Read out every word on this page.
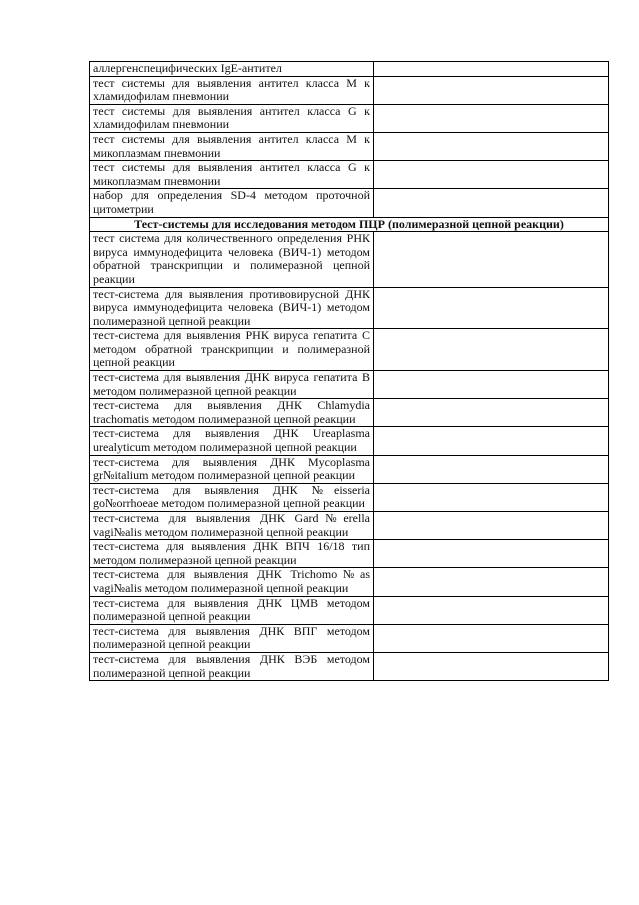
аллергенспецифических IgE-антител	
тест системы для выявления антител класса М к хламидофилам пневмонии	
тест системы для выявления антител класса G к хламидофилам пневмонии	
тест системы для выявления антител класса М к микоплазмам пневмонии	
тест системы для выявления антител класса G к микоплазмам пневмонии	
набор для определения SD-4 методом проточной цитометрии	
Тест-системы для исследования методом ПЦР (полимеразной цепной реакции)	
тест система для количественного определения РНК вируса иммунодефицита человека (ВИЧ-1) методом обратной транскрипции и полимеразной цепной реакции	
тест-система для выявления противовирусной ДНК вируса иммунодефицита человека (ВИЧ-1) методом полимеразной цепной реакции	
тест-система для выявления РНК вируса гепатита С методом обратной транскрипции и полимеразной цепной реакции	
тест-система для выявления ДНК вируса гепатита В методом полимеразной цепной реакции	
тест-система для выявления ДНК Chlamydia trachomatis методом полимеразной цепной реакции	
тест-система для выявления ДНК Ureaplasma urealyticum методом полимеразной цепной реакции	
тест-система для выявления ДНК Mycoplasma gr№italium методом полимеразной цепной реакции	
тест-система для выявления ДНК №eisseria go№orrhoeae методом полимеразной цепной реакции	
тест-система для выявления ДНК Gard№erella vagi№alis методом полимеразной цепной реакции	
тест-система для выявления ДНК ВПЧ 16/18 тип методом полимеразной цепной реакции	
тест-система для выявления ДНК Trichomo№as vagi№alis методом полимеразной цепной реакции	
тест-система для выявления ДНК ЦМВ методом полимеразной цепной реакции	
тест-система для выявления ДНК ВПГ методом полимеразной цепной реакции	
тест-система для выявления ДНК ВЭБ методом полимеразной цепной реакции	
